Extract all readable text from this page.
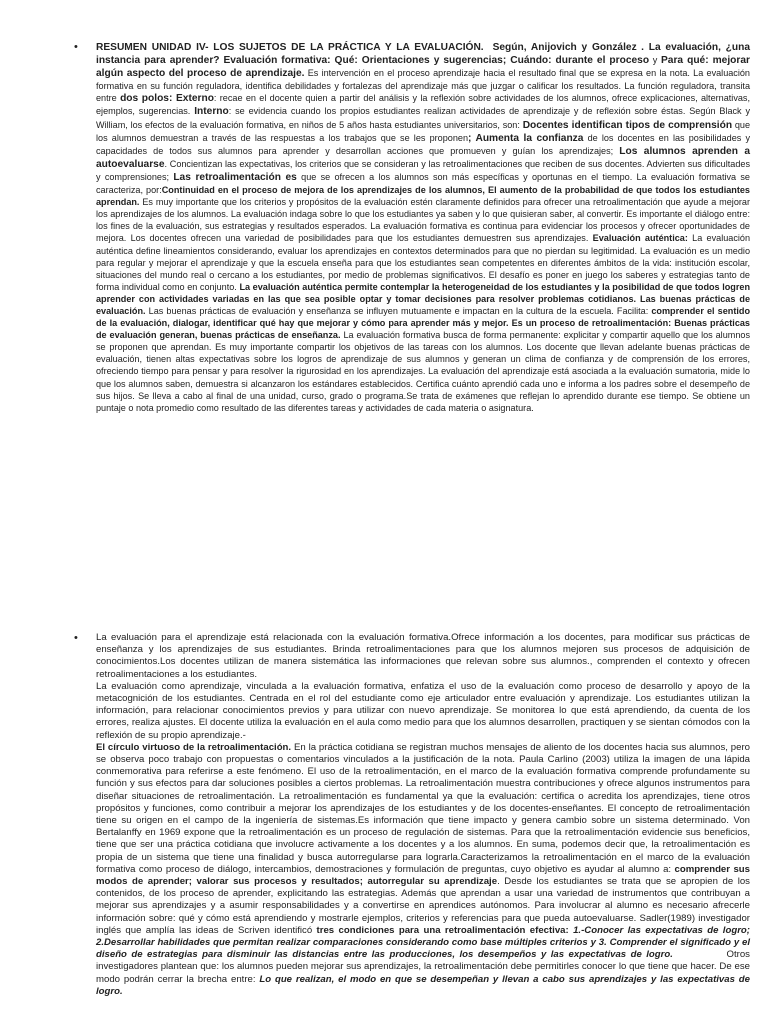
• RESUMEN UNIDAD IV- LOS SUJETOS DE LA PRÁCTICA Y LA EVALUACIÓN. Según, Anijovich y González . La evaluación, ¿una instancia para aprender? Evaluación formativa: Qué: Orientaciones y sugerencias; Cuándo: durante el proceso y Para qué: mejorar algún aspecto del proceso de aprendizaje. Es intervención en el proceso aprendizaje hacia el resultado final que se expresa en la nota. La evaluación formativa en su función reguladora, identifica debilidades y fortalezas del aprendizaje más que juzgar o calificar los resultados. La función reguladora, transita entre dos polos: Externo: recae en el docente quien a partir del análisis y la reflexión sobre actividades de los alumnos, ofrece explicaciones, alternativas, ejemplos, sugerencias. Interno: se evidencia cuando los propios estudiantes realizan actividades de aprendizaje y de reflexión sobre éstas. Según Black y William, los efectos de la evaluación formativa, en niños de 5 años hasta estudiantes universitarios, son: Docentes identifican tipos de comprensión que los alumnos demuestran a través de las respuestas a los trabajos que se les proponen; Aumenta la confianza de los docentes en las posibilidades y capacidades de todos sus alumnos para aprender y desarrollan acciones que promueven y guían los aprendizajes; Los alumnos aprenden a autoevaluarse. Concientizan las expectativas, los criterios que se consideran y las retroalimentaciones que reciben de sus docentes. Advierten sus dificultades y comprensiones; Las retroalimentación es que se ofrecen a los alumnos son más específicas y oportunas en el tiempo. La evaluación formativa se caracteriza, por:Continuidad en el proceso de mejora de los aprendizajes de los alumnos, El aumento de la probabilidad de que todos los estudiantes aprendan. Es muy importante que los criterios y propósitos de la evaluación estén claramente definidos para ofrecer una retroalimentación que ayude a mejorar los aprendizajes de los alumnos. La evaluación indaga sobre lo que los estudiantes ya saben y lo que quisieran saber, al convertir. Es importante el diálogo entre: los fines de la evaluación, sus estrategias y resultados esperados. La evaluación formativa es continua para evidenciar los procesos y ofrecer oportunidades de mejora. Los docentes ofrecen una variedad de posibilidades para que los estudiantes demuestren sus aprendizajes. Evaluación auténtica: La evaluación auténtica define lineamientos considerando, evaluar los aprendizajes en contextos determinados para que no pierdan su legitimidad. La evaluación es un medio para regular y mejorar el aprendizaje y que la escuela enseña para que los estudiantes sean competentes en diferentes ámbitos de la vida: institución escolar, situaciones del mundo real o cercano a los estudiantes, por medio de problemas significativos. El desafío es poner en juego los saberes y estrategias tanto de forma individual como en conjunto. La evaluación auténtica permite contemplar la heterogeneidad de los estudiantes y la posibilidad de que todos logren aprender con actividades variadas en las que sea posible optar y tomar decisiones para resolver problemas cotidianos. Las buenas prácticas de evaluación. Las buenas prácticas de evaluación y enseñanza se influyen mutuamente e impactan en la cultura de la escuela. Facilita: comprender el sentido de la evaluación, dialogar, identificar qué hay que mejorar y cómo para aprender más y mejor. Es un proceso de retroalimentación: Buenas prácticas de evaluación generan, buenas prácticas de enseñanza. La evaluación formativa busca de forma permanente: explicitar y compartir aquello que los alumnos se proponen que aprendan. Es muy importante compartir los objetivos de las tareas con los alumnos. Los docente que llevan adelante buenas prácticas de evaluación, tienen altas expectativas sobre los logros de aprendizaje de sus alumnos y generan un clima de confianza y de comprensión de los errores, ofreciendo tiempo para pensar y para resolver la rigurosidad en los aprendizajes. La evaluación del aprendizaje está asociada a la evaluación sumatoria, mide lo que los alumnos saben, demuestra si alcanzaron los estándares establecidos. Certifica cuánto aprendió cada uno e informa a los padres sobre el desempeño de sus hijos. Se lleva a cabo al final de una unidad, curso, grado o programa.Se trata de exámenes que reflejan lo aprendido durante ese tiempo. Se obtiene un puntaje o nota promedio como resultado de las diferentes tareas y actividades de cada materia o asignatura.

• La evaluación para el aprendizaje está relacionada con la evaluación formativa.Ofrece información a los docentes, para modificar sus prácticas de enseñanza y los aprendizajes de sus estudiantes. Brinda retroalimentaciones para que los alumnos mejoren sus procesos de adquisición de conocimientos.Los docentes utilizan de manera sistemática las informaciones que relevan sobre sus alumnos., comprenden el contexto y ofrecen retroalimentaciones a los estudiantes.

La evaluación como aprendizaje, vinculada a la evaluación formativa, enfatiza el uso de la evaluación como proceso de desarrollo y apoyo de la metacognición de los estudiantes. Centrada en el rol del estudiante como eje articulador entre evaluación y aprendizaje. Los estudiantes utilizan la información, para relacionar conocimientos previos y para utilizar con nuevo aprendizaje. Se monitorea lo que está aprendiendo, da cuenta de los errores, realiza ajustes. El docente utiliza la evaluación en el aula como medio para que los alumnos desarrollen, practiquen y se sientan cómodos con la reflexión de su propio aprendizaje.-

El círculo virtuoso de la retroalimentación. En la práctica cotidiana se registran muchos mensajes de aliento de los docentes hacia sus alumnos, pero se observa poco trabajo con propuestas o comentarios vinculados a la justificación de la nota. Paula Carlino (2003) utiliza la imagen de una lápida conmemorativa para referirse a este fenómeno. El uso de la retroalimentación, en el marco de la evaluación formativa comprende profundamente su función y sus efectos para dar soluciones posibles a ciertos problemas. La retroalimentación muestra contribuciones y ofrece algunos instrumentos para diseñar situaciones de retroalimentación. La retroalimentación es fundamental ya que la evaluación: certifica o acredita los aprendizajes, tiene otros propósitos y funciones, como contribuir a mejorar los aprendizajes de los estudiantes y de los docentes-enseñantes. El concepto de retroalimentación tiene su origen en el campo de la ingeniería de sistemas.Es información que tiene impacto y genera cambio sobre un sistema determinado. Von Bertalanffy en 1969 expone que la retroalimentación es un proceso de regulación de sistemas. Para que la retroalimentación evidencie sus beneficios, tiene que ser una práctica cotidiana que involucre activamente a los docentes y a los alumnos. En suma, podemos decir que, la retroalimentación es propia de un sistema que tiene una finalidad y busca autorregularse para lograrla.Caracterizamos la retroalimentación en el marco de la evaluación formativa como proceso de diálogo, intercambios, demostraciones y formulación de preguntas, cuyo objetivo es ayudar al alumno a: comprender sus modos de aprender; valorar sus procesos y resultados; autorregular su aprendizaje. Desde los estudiantes se trata que se apropien de los contenidos, de los proceso de aprender, explicitando las estrategias. Además que aprendan a usar una variedad de instrumentos que contribuyan a mejorar sus aprendizajes y a asumir responsabilidades y a convertirse en aprendices autónomos. Para involucrar al alumno es necesario afrecerle información sobre: qué y cómo está aprendiendo y mostrarle ejemplos, criterios y referencias para que pueda autoevaluarse. Sadler(1989) investigador inglés que amplía las ideas de Scriven identificó tres condiciones para una retroalimentación efectiva: 1.-Conocer las expectativas de logro; 2.Desarrollar habilidades que permitan realizar comparaciones considerando como base múltiples criterios y 3. Comprender el significado y el diseño de estrategias para disminuir las distancias entre las producciones, los desempeños y las expectativas de logro.	Otros investigadores plantean que: los alumnos pueden mejorar sus aprendizajes, la retroalimentación debe permitirles conocer lo que tiene que hacer. De ese modo podrán cerrar la brecha entre: Lo que realizan, el modo en que se desempeñan y llevan a cabo sus aprendizajes y las expectativas de logro.
